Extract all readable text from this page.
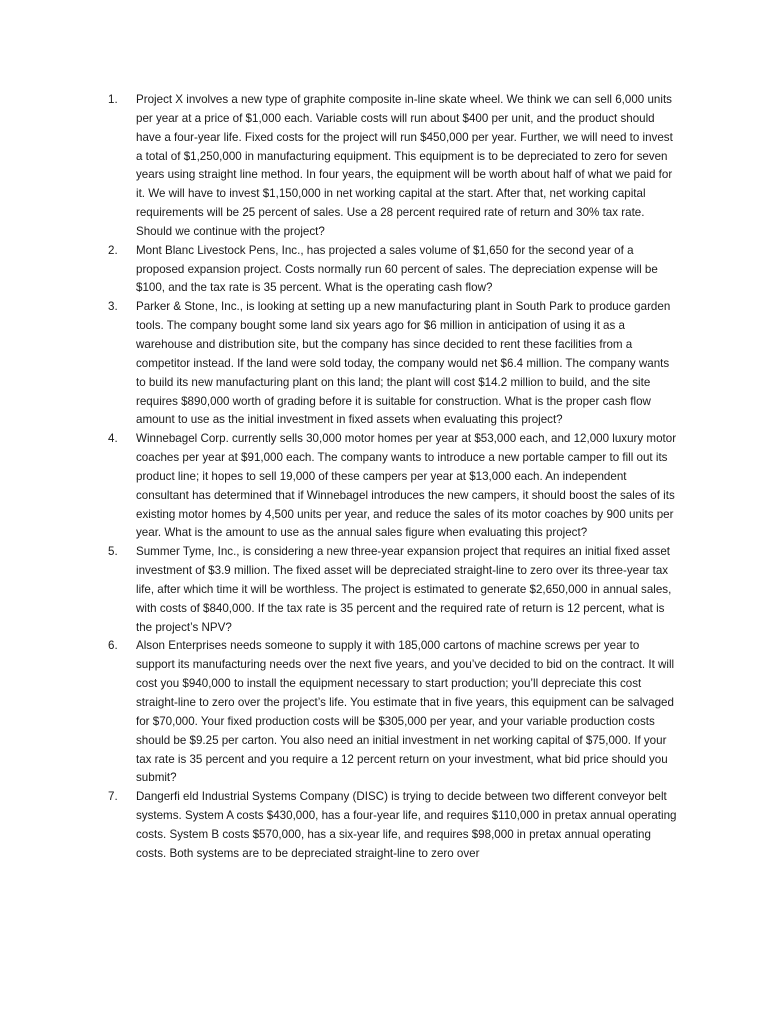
1.	Project X involves a new type of graphite composite in-line skate wheel. We think we can sell 6,000 units per year at a price of $1,000 each. Variable costs will run about $400 per unit, and the product should have a four-year life. Fixed costs for the project will run $450,000 per year. Further, we will need to invest a total of $1,250,000 in manufacturing equipment. This equipment is to be depreciated to zero for seven years using straight line method. In four years, the equipment will be worth about half of what we paid for it. We will have to invest $1,150,000 in net working capital at the start. After that, net working capital requirements will be 25 percent of sales. Use a 28 percent required rate of return and 30% tax rate. Should we continue with the project?
2.	Mont Blanc Livestock Pens, Inc., has projected a sales volume of $1,650 for the second year of a proposed expansion project. Costs normally run 60 percent of sales. The depreciation expense will be $100, and the tax rate is 35 percent. What is the operating cash flow?
3.	Parker & Stone, Inc., is looking at setting up a new manufacturing plant in South Park to produce garden tools. The company bought some land six years ago for $6 million in anticipation of using it as a warehouse and distribution site, but the company has since decided to rent these facilities from a competitor instead. If the land were sold today, the company would net $6.4 million. The company wants to build its new manufacturing plant on this land; the plant will cost $14.2 million to build, and the site requires $890,000 worth of grading before it is suitable for construction. What is the proper cash flow amount to use as the initial investment in fixed assets when evaluating this project?
4.	Winnebagel Corp. currently sells 30,000 motor homes per year at $53,000 each, and 12,000 luxury motor coaches per year at $91,000 each. The company wants to introduce a new portable camper to fill out its product line; it hopes to sell 19,000 of these campers per year at $13,000 each. An independent consultant has determined that if Winnebagel introduces the new campers, it should boost the sales of its existing motor homes by 4,500 units per year, and reduce the sales of its motor coaches by 900 units per year. What is the amount to use as the annual sales figure when evaluating this project?
5.	Summer Tyme, Inc., is considering a new three-year expansion project that requires an initial fixed asset investment of $3.9 million. The fixed asset will be depreciated straight-line to zero over its three-year tax life, after which time it will be worthless. The project is estimated to generate $2,650,000 in annual sales, with costs of $840,000. If the tax rate is 35 percent and the required rate of return is 12 percent, what is the project’s NPV?
6.	Alson Enterprises needs someone to supply it with 185,000 cartons of machine screws per year to support its manufacturing needs over the next five years, and you’ve decided to bid on the contract. It will cost you $940,000 to install the equipment necessary to start production; you’ll depreciate this cost straight-line to zero over the project’s life. You estimate that in five years, this equipment can be salvaged for $70,000. Your fixed production costs will be $305,000 per year, and your variable production costs should be $9.25 per carton. You also need an initial investment in net working capital of $75,000. If your tax rate is 35 percent and you require a 12 percent return on your investment, what bid price should you submit?
7.	Dangerfi eld Industrial Systems Company (DISC) is trying to decide between two different conveyor belt systems. System A costs $430,000, has a four-year life, and requires $110,000 in pretax annual operating costs. System B costs $570,000, has a six-year life, and requires $98,000 in pretax annual operating costs. Both systems are to be depreciated straight-line to zero over
